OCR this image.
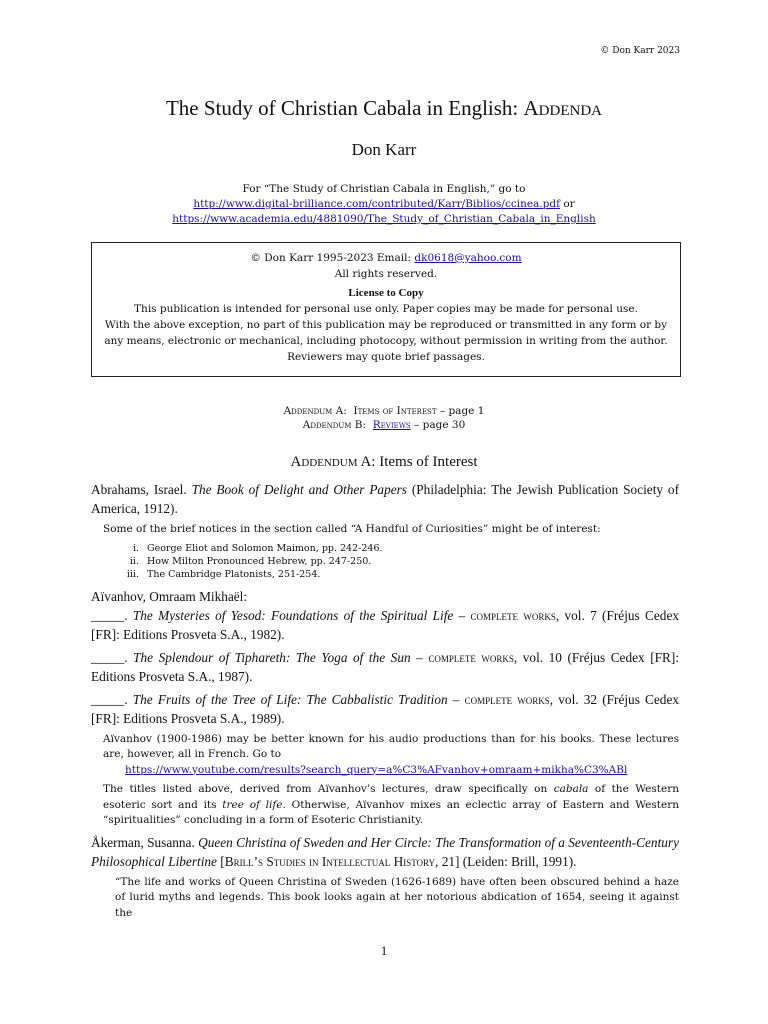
© Don Karr 2023
The Study of Christian Cabala in English: Addenda
Don Karr
For “The Study of Christian Cabala in English,” go to
http://www.digital-brilliance.com/contributed/Karr/Biblios/ccinea.pdf or
https://www.academia.edu/4881090/The_Study_of_Christian_Cabala_in_English
© Don Karr 1995-2023 Email: dk0618@yahoo.com
All rights reserved.
License to Copy
This publication is intended for personal use only. Paper copies may be made for personal use.
With the above exception, no part of this publication may be reproduced or transmitted in any form or by
any means, electronic or mechanical, including photocopy, without permission in writing from the author.
Reviewers may quote brief passages.
Addendum A: Items of Interest – page 1
Addendum B: Reviews – page 30
Addendum A: Items of Interest
Abrahams, Israel. The Book of Delight and Other Papers (Philadelphia: The Jewish Publication Society of America, 1912).
Some of the brief notices in the section called “A Handful of Curiosities” might be of interest:
i. George Eliot and Solomon Maimon, pp. 242-246.
ii. How Milton Pronounced Hebrew, pp. 247-250.
iii. The Cambridge Platonists, 251-254.
Aïvanhov, Omraam Mikhaël:
_____. The Mysteries of Yesod: Foundations of the Spiritual Life – complete works, vol. 7 (Fréjus Cedex [FR]: Editions Prosveta S.A., 1982).
_____. The Splendour of Tiphareth: The Yoga of the Sun – complete works, vol. 10 (Fréjus Cedex [FR]: Editions Prosveta S.A., 1987).
_____. The Fruits of the Tree of Life: The Cabbalistic Tradition – complete works, vol. 32 (Fréjus Cedex [FR]: Editions Prosveta S.A., 1989).
Aïvanhov (1900-1986) may be better known for his audio productions than for his books. These lectures are, however, all in French. Go to
https://www.youtube.com/results?search_query=a%C3%AFvanhov+omraam+mikha%C3%ABl
The titles listed above, derived from Aïvanhov’s lectures, draw specifically on cabala of the Western esoteric sort and its tree of life. Otherwise, Aïvanhov mixes an eclectic array of Eastern and Western “spiritualities” concluding in a form of Esoteric Christianity.
Åkerman, Susanna. Queen Christina of Sweden and Her Circle: The Transformation of a Seventeenth-Century Philosophical Libertine [Brill’s Studies in Intellectual History, 21] (Leiden: Brill, 1991).
“The life and works of Queen Christina of Sweden (1626-1689) have often been obscured behind a haze of lurid myths and legends. This book looks again at her notorious abdication of 1654, seeing it against the
1
